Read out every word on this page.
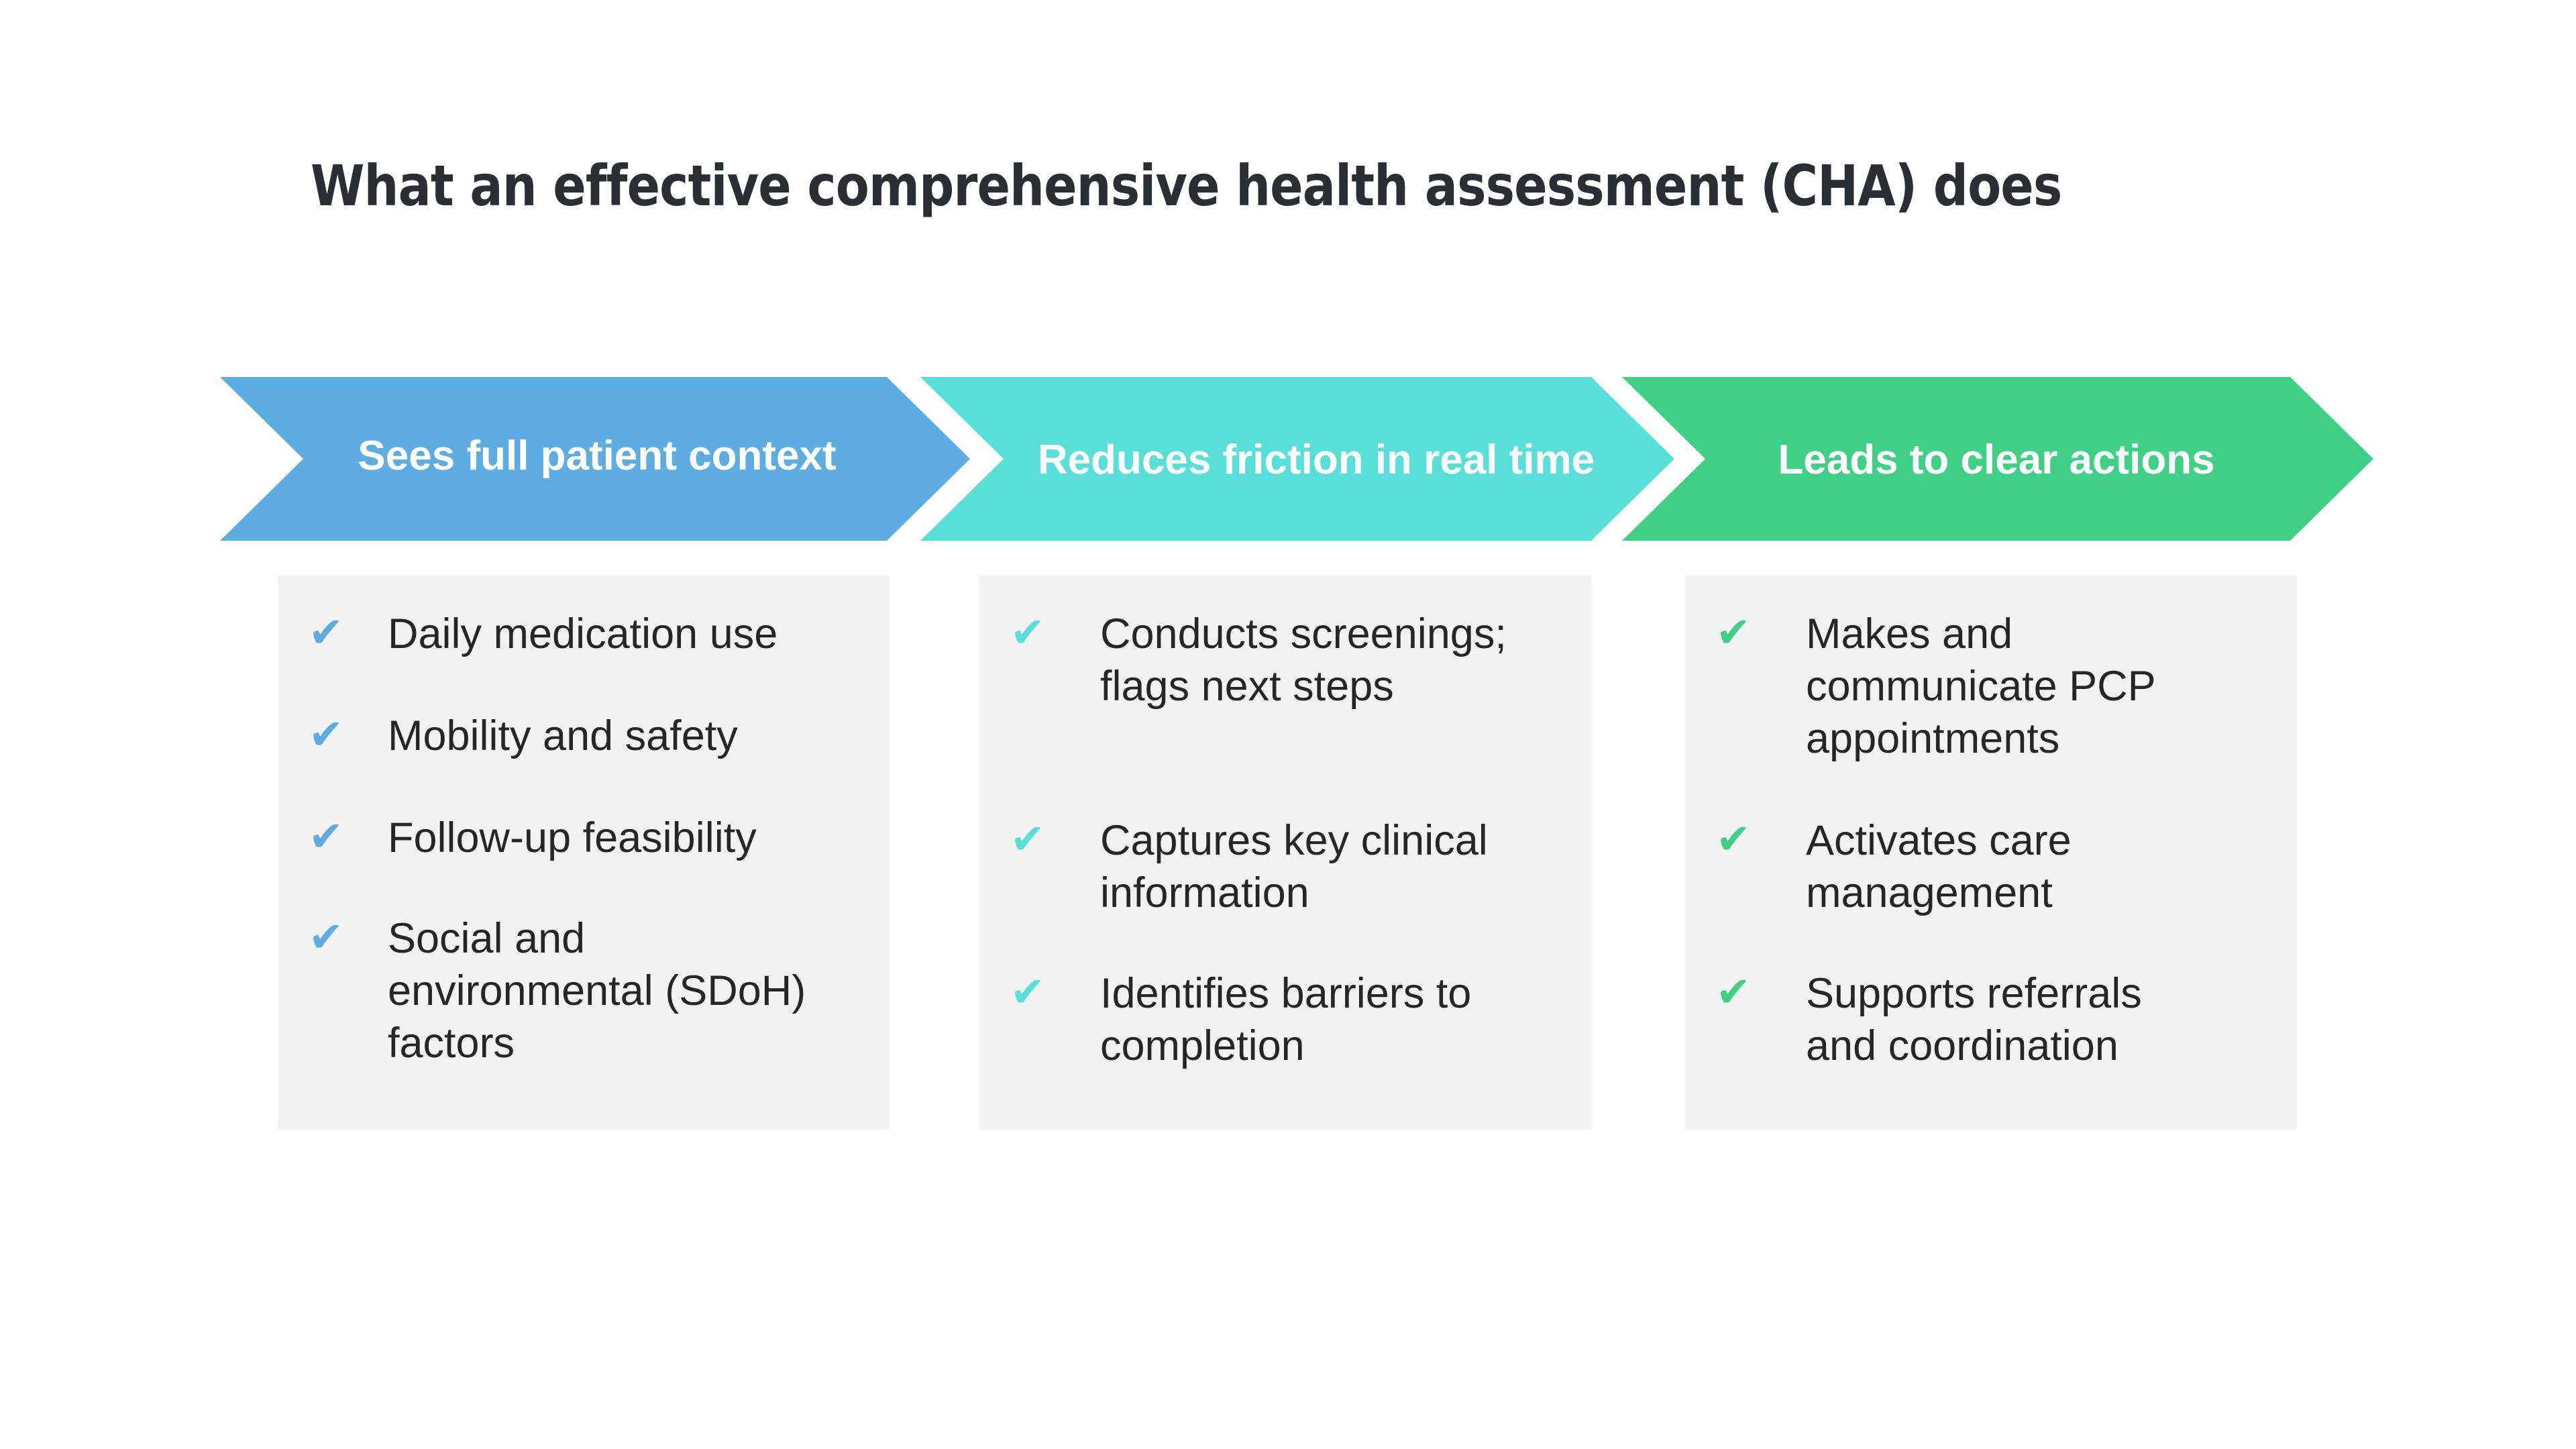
What an effective comprehensive health assessment (CHA) does
Sees full patient context	Reduces friction in real time	Leads to clear actions
✔ Daily medication use
✔ Mobility and safety
✔ Follow-up feasibility
✔ Social and environmental (SDoH) factors
✔ Conducts screenings; flags next steps
✔ Captures key clinical information
✔ Identifies barriers to completion
✔ Makes and communicate PCP appointments
✔ Activates care management
✔ Supports referrals and coordination
